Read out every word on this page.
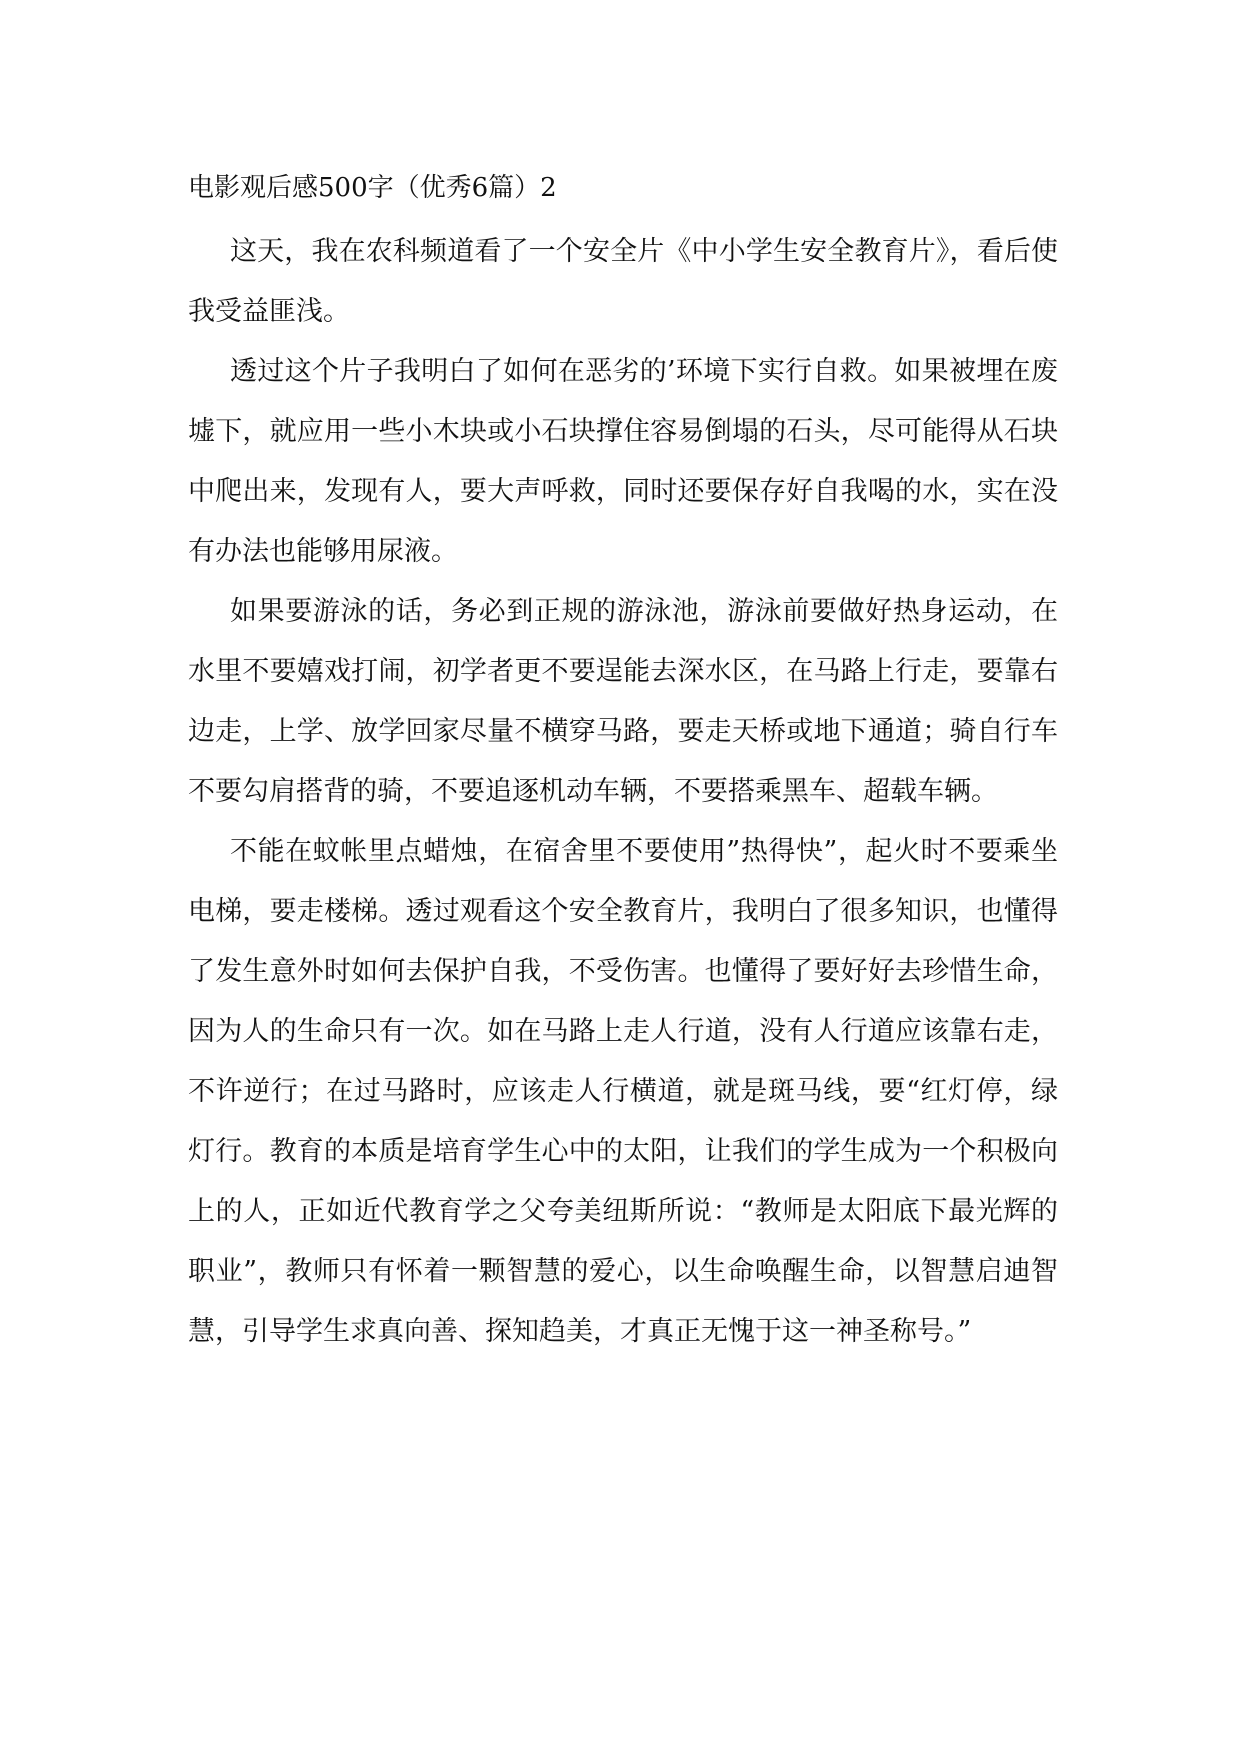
电影观后感500字（优秀6篇）2

这天，我在农科频道看了一个安全片《中小学生安全教育片》，看后使我受益匪浅。

透过这个片子我明白了如何在恶劣的’环境下实行自救。如果被埋在废墟下，就应用一些小木块或小石块撑住容易倒塌的石头，尽可能得从石块中爬出来，发现有人，要大声呼救，同时还要保存好自我喝的水，实在没有办法也能够用尿液。

如果要游泳的话，务必到正规的游泳池，游泳前要做好热身运动，在水里不要嬉戏打闹，初学者更不要逞能去深水区，在马路上行走，要靠右边走，上学、放学回家尽量不横穿马路，要走天桥或地下通道；骑自行车不要勾肩搭背的骑，不要追逐机动车辆，不要搭乘黑车、超载车辆。

不能在蚊帐里点蜡烛，在宿舍里不要使用”热得快”，起火时不要乘坐电梯，要走楼梯。透过观看这个安全教育片，我明白了很多知识，也懂得了发生意外时如何去保护自我，不受伤害。也懂得了要好好去珍惜生命，因为人的生命只有一次。如在马路上走人行道，没有人行道应该靠右走，不许逆行；在过马路时，应该走人行横道，就是斑马线，要“红灯停，绿灯行。教育的本质是培育学生心中的太阳，让我们的学生成为一个积极向上的人，正如近代教育学之父夸美纽斯所说：“教师是太阳底下最光辉的职业”，教师只有怀着一颗智慧的爱心，以生命唤醒生命，以智慧启迪智慧，引导学生求真向善、探知趋美，才真正无愧于这一神圣称号。”
